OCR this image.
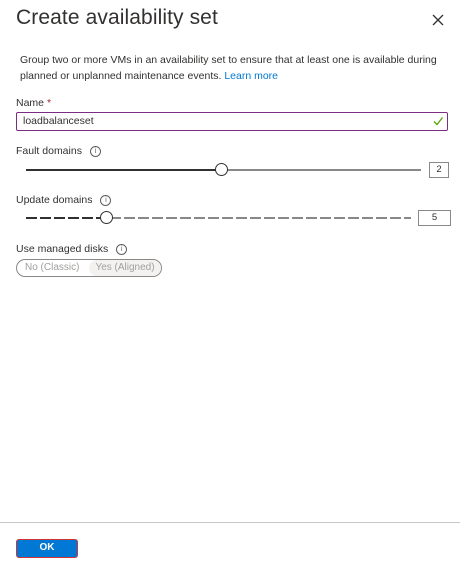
Create availability set
Group two or more VMs in an availability set to ensure that at least one is available during planned or unplanned maintenance events. Learn more
Name *
loadbalanceset
Fault domains	i
2
Update domains	i
5
Use managed disks	i
No (Classic)	Yes (Aligned)
OK
